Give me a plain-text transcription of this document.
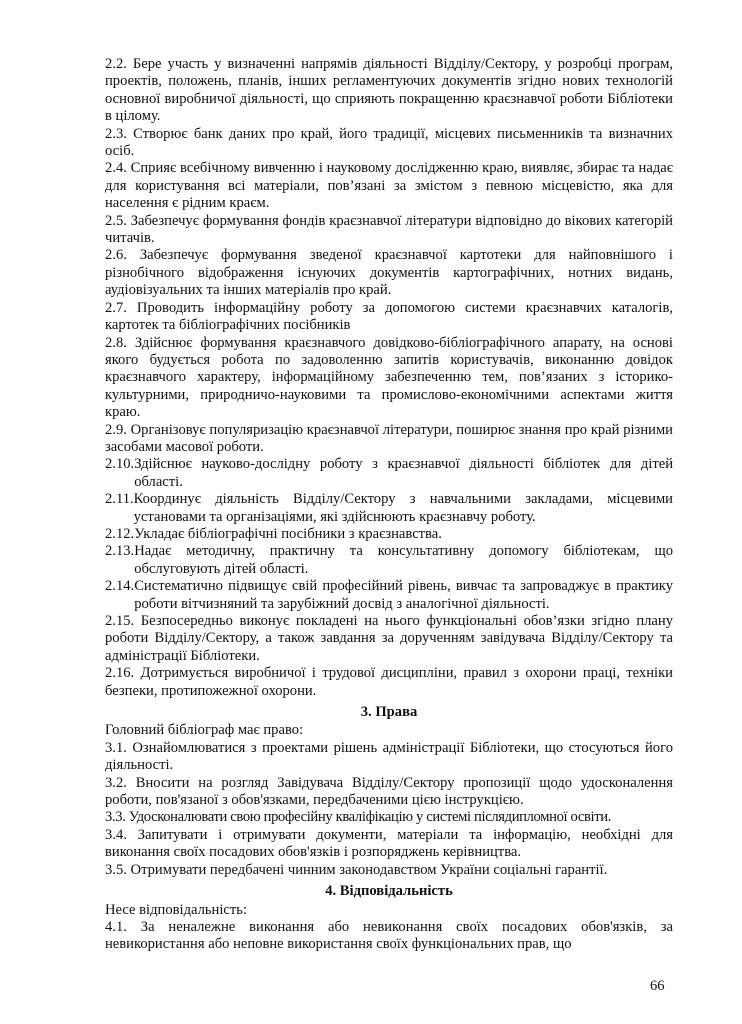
2.2. Бере участь у визначенні напрямів діяльності Відділу/Сектору, у розробці програм, проектів, положень, планів, інших регламентуючих документів згідно нових технологій основної виробничої діяльності, що сприяють покращенню краєзнавчої роботи Бібліотеки в цілому.
2.3. Створює банк даних про край, його традиції, місцевих письменників та визначних осіб.
2.4. Сприяє всебічному вивченню і науковому дослідженню краю, виявляє, збирає та надає для користування всі матеріали, пов’язані за змістом з певною місцевістю, яка для населення є рідним краєм.
2.5. Забезпечує формування фондів краєзнавчої літератури відповідно до вікових категорій читачів.
2.6. Забезпечує формування зведеної краєзнавчої картотеки для найповнішого і різнобічного відображення існуючих документів картографічних, нотних видань, аудіовізуальних та інших матеріалів про край.
2.7. Проводить інформаційну роботу за допомогою системи краєзнавчих каталогів, картотек та бібліографічних посібників
2.8. Здійснює формування краєзнавчого довідково-бібліографічного апарату, на основі якого будується робота по задоволенню запитів користувачів, виконанню довідок краєзнавчого характеру, інформаційному забезпеченню тем, пов’язаних з історико-культурними, природничо-науковими та промислово-економічними аспектами життя краю.
2.9. Організовує популяризацію краєзнавчої літератури, поширює знання про край різними засобами масової роботи.
2.10. Здійснює науково-дослідну роботу з краєзнавчої діяльності бібліотек для дітей області.
2.11. Координує діяльність Відділу/Сектору з навчальними закладами, місцевими установами та організаціями, які здійснюють краєзнавчу роботу.
2.12. Укладає бібліографічні посібники з краєзнавства.
2.13. Надає методичну, практичну та консультативну допомогу бібліотекам, що обслуговують дітей області.
2.14. Систематично підвищує свій професійний рівень, вивчає та запроваджує в практику роботи вітчизняний та зарубіжний досвід з аналогічної діяльності.
2.15. Безпосередньо виконує покладені на нього функціональні обов’язки згідно плану роботи Відділу/Сектору, а також завдання за дорученням завідувача Відділу/Сектору та адміністрації Бібліотеки.
2.16. Дотримується виробничої і трудової дисципліни, правил з охорони праці, техніки безпеки, протипожежної охорони.
3. Права
Головний бібліограф має право:
3.1. Ознайомлюватися з проектами рішень адміністрації Бібліотеки, що стосуються його діяльності.
3.2. Вносити на розгляд Завідувача Відділу/Сектору пропозиції щодо удосконалення роботи, пов'язаної з обов'язками, передбаченими цією інструкцією.
3.3. Удосконалювати свою професійну кваліфікацію у системі післядипломної освіти.
3.4. Запитувати і отримувати документи, матеріали та інформацію, необхідні для виконання своїх посадових обов'язків і розпоряджень керівництва.
3.5. Отримувати передбачені чинним законодавством України соціальні гарантії.
4. Відповідальність
Несе відповідальність:
4.1. За неналежне виконання або невиконання своїх посадових обов'язків, за невикористання або неповне використання своїх функціональних прав, що
66
